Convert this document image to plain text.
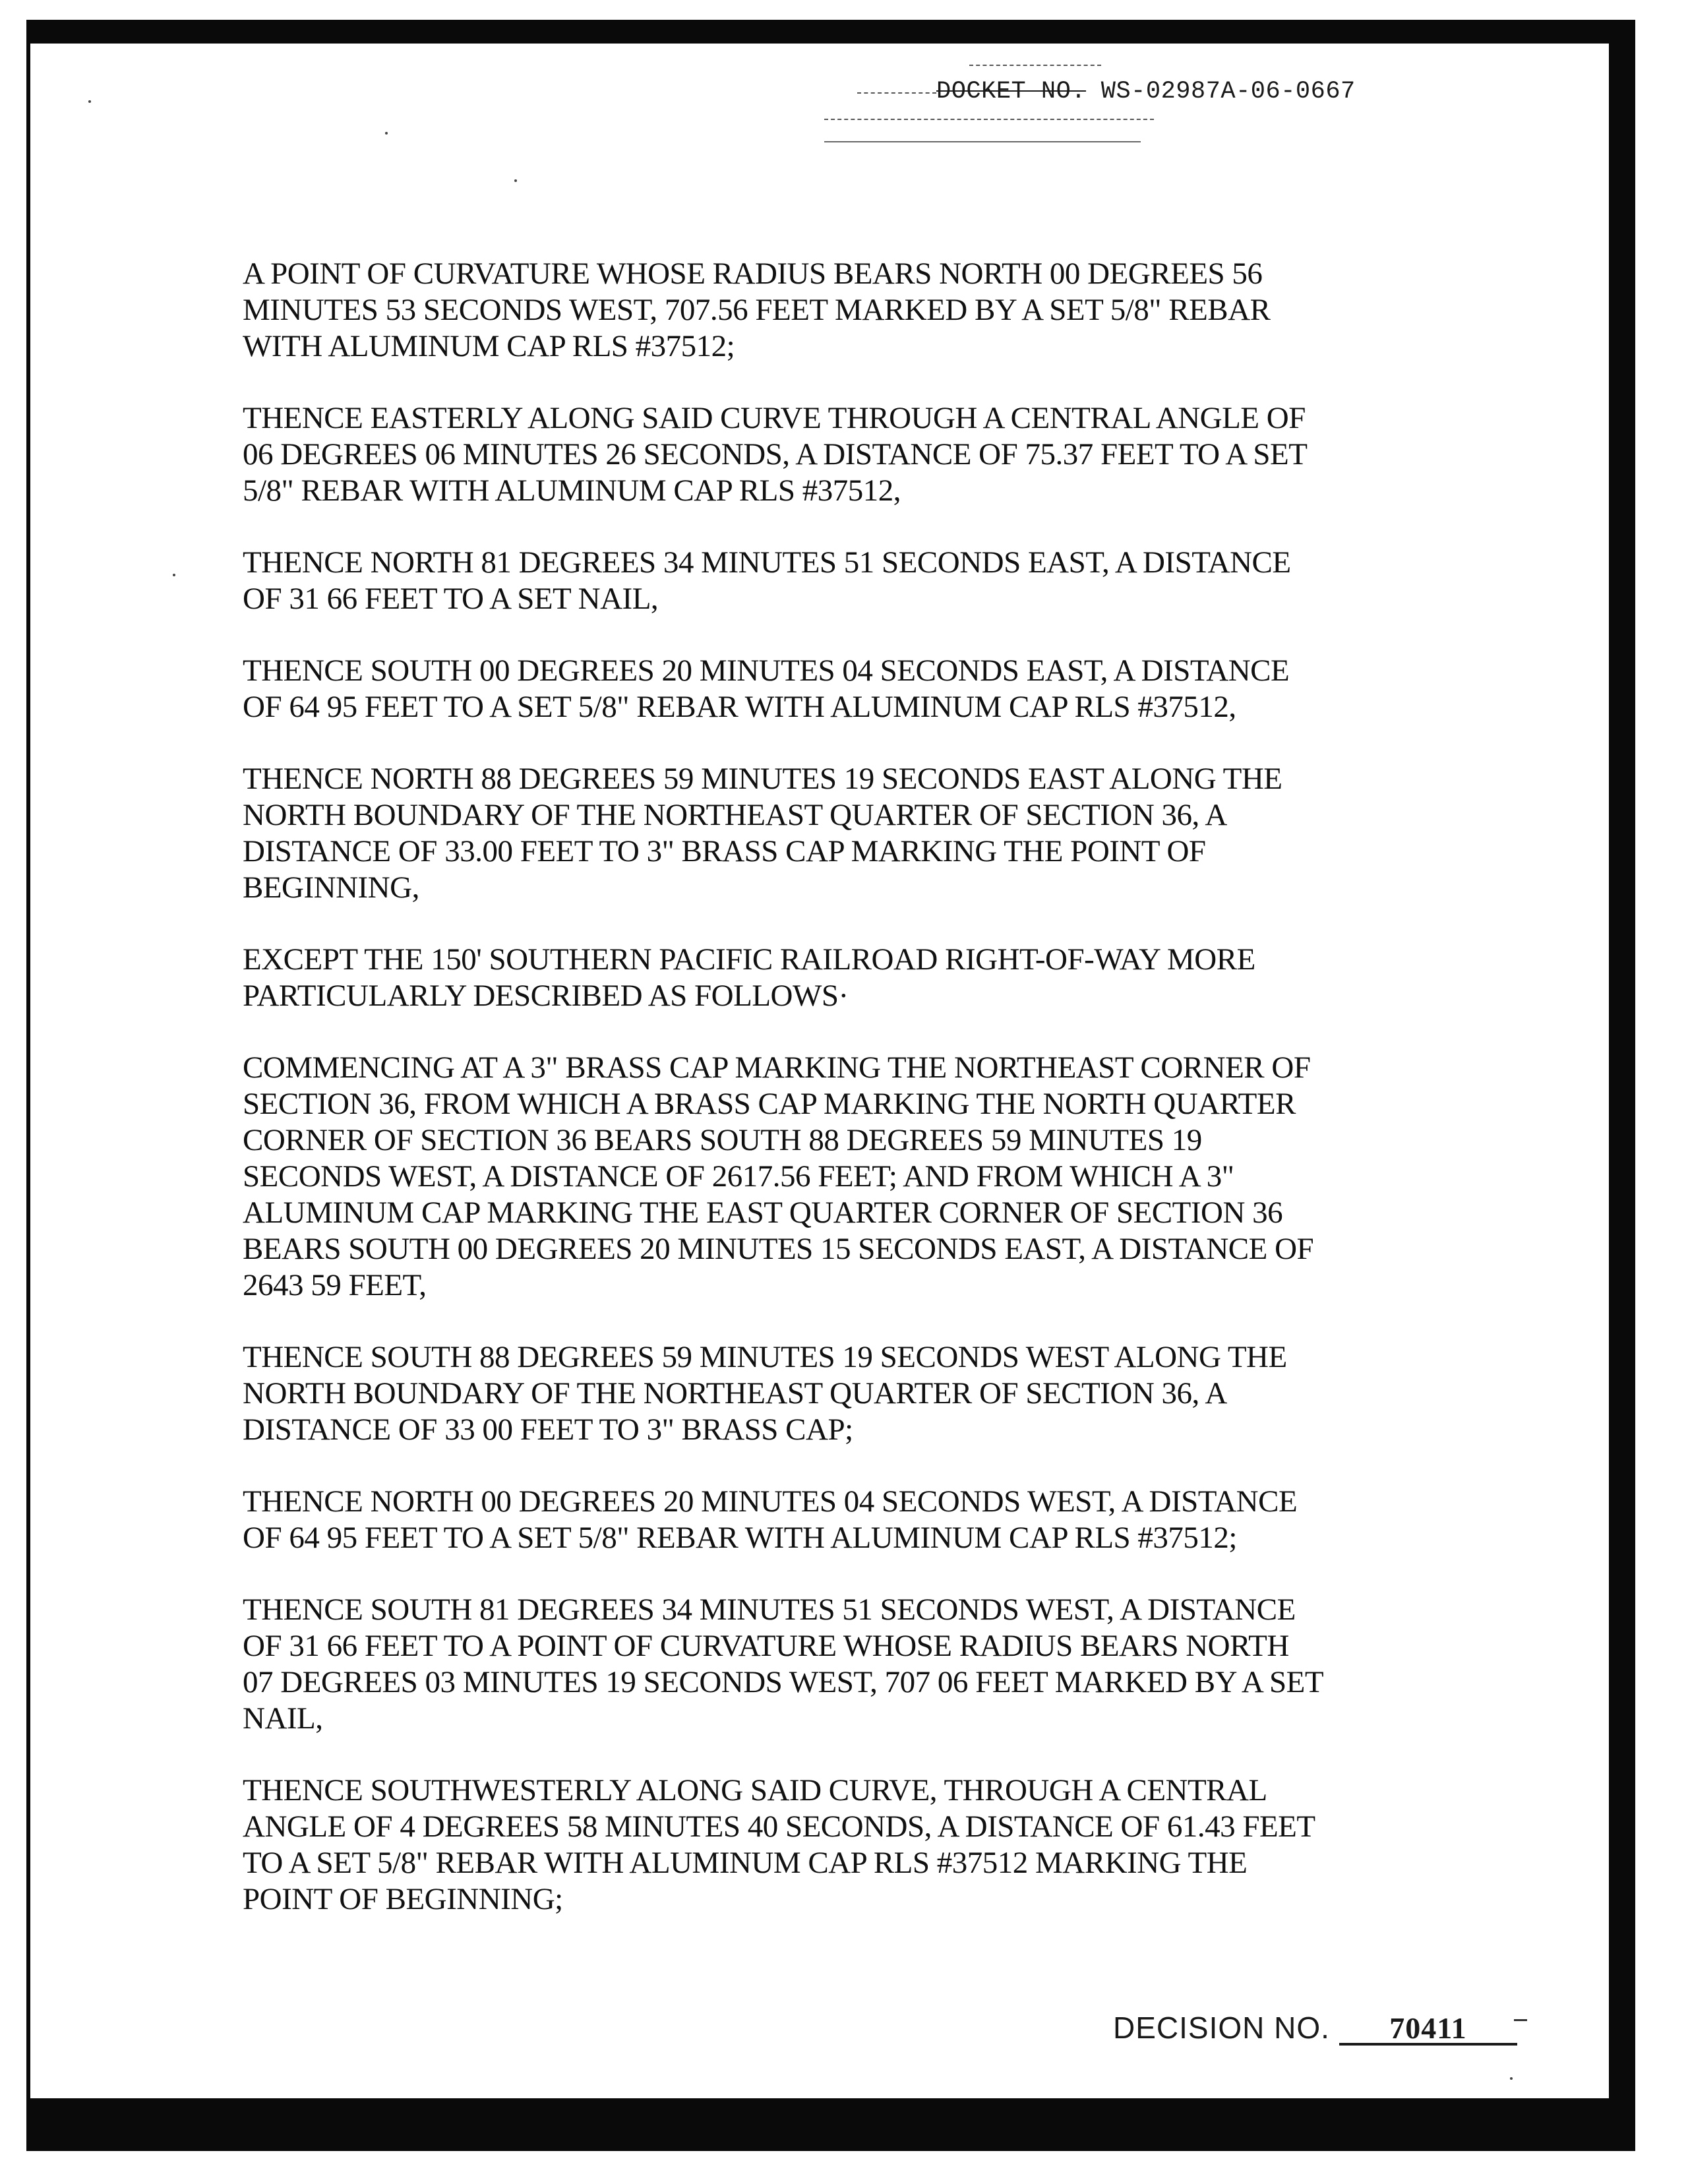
DOCKET NO. WS-02987A-06-0667

A POINT OF CURVATURE WHOSE RADIUS BEARS NORTH 00 DEGREES 56
MINUTES 53 SECONDS WEST, 707.56 FEET MARKED BY A SET 5/8" REBAR
WITH ALUMINUM CAP RLS #37512;

THENCE EASTERLY ALONG SAID CURVE THROUGH A CENTRAL ANGLE OF
06 DEGREES 06 MINUTES 26 SECONDS, A DISTANCE OF 75.37 FEET TO A SET
5/8" REBAR WITH ALUMINUM CAP RLS #37512,

THENCE NORTH 81 DEGREES 34 MINUTES 51 SECONDS EAST, A DISTANCE
OF 31 66 FEET TO A SET NAIL,

THENCE SOUTH 00 DEGREES 20 MINUTES 04 SECONDS EAST, A DISTANCE
OF 64 95 FEET TO A SET 5/8" REBAR WITH ALUMINUM CAP RLS #37512,

THENCE NORTH 88 DEGREES 59 MINUTES 19 SECONDS EAST ALONG THE
NORTH BOUNDARY OF THE NORTHEAST QUARTER OF SECTION 36, A
DISTANCE OF 33.00 FEET TO 3" BRASS CAP MARKING THE POINT OF
BEGINNING,

EXCEPT THE 150' SOUTHERN PACIFIC RAILROAD RIGHT-OF-WAY MORE
PARTICULARLY DESCRIBED AS FOLLOWS·

COMMENCING AT A 3" BRASS CAP MARKING THE NORTHEAST CORNER OF
SECTION 36, FROM WHICH A BRASS CAP MARKING THE NORTH QUARTER
CORNER OF SECTION 36 BEARS SOUTH 88 DEGREES 59 MINUTES 19
SECONDS WEST, A DISTANCE OF 2617.56 FEET; AND FROM WHICH A 3"
ALUMINUM CAP MARKING THE EAST QUARTER CORNER OF SECTION 36
BEARS SOUTH 00 DEGREES 20 MINUTES 15 SECONDS EAST, A DISTANCE OF
2643 59 FEET,

THENCE SOUTH 88 DEGREES 59 MINUTES 19 SECONDS WEST ALONG THE
NORTH BOUNDARY OF THE NORTHEAST QUARTER OF SECTION 36, A
DISTANCE OF 33 00 FEET TO 3" BRASS CAP;

THENCE NORTH 00 DEGREES 20 MINUTES 04 SECONDS WEST, A DISTANCE
OF 64 95 FEET TO A SET 5/8" REBAR WITH ALUMINUM CAP RLS #37512;

THENCE SOUTH 81 DEGREES 34 MINUTES 51 SECONDS WEST, A DISTANCE
OF 31 66 FEET TO A POINT OF CURVATURE WHOSE RADIUS BEARS NORTH
07 DEGREES 03 MINUTES 19 SECONDS WEST, 707 06 FEET MARKED BY A SET
NAIL,

THENCE SOUTHWESTERLY ALONG SAID CURVE, THROUGH A CENTRAL
ANGLE OF 4 DEGREES 58 MINUTES 40 SECONDS, A DISTANCE OF 61.43 FEET
TO A SET 5/8" REBAR WITH ALUMINUM CAP RLS #37512 MARKING THE
POINT OF BEGINNING;

DECISION NO. 70411
